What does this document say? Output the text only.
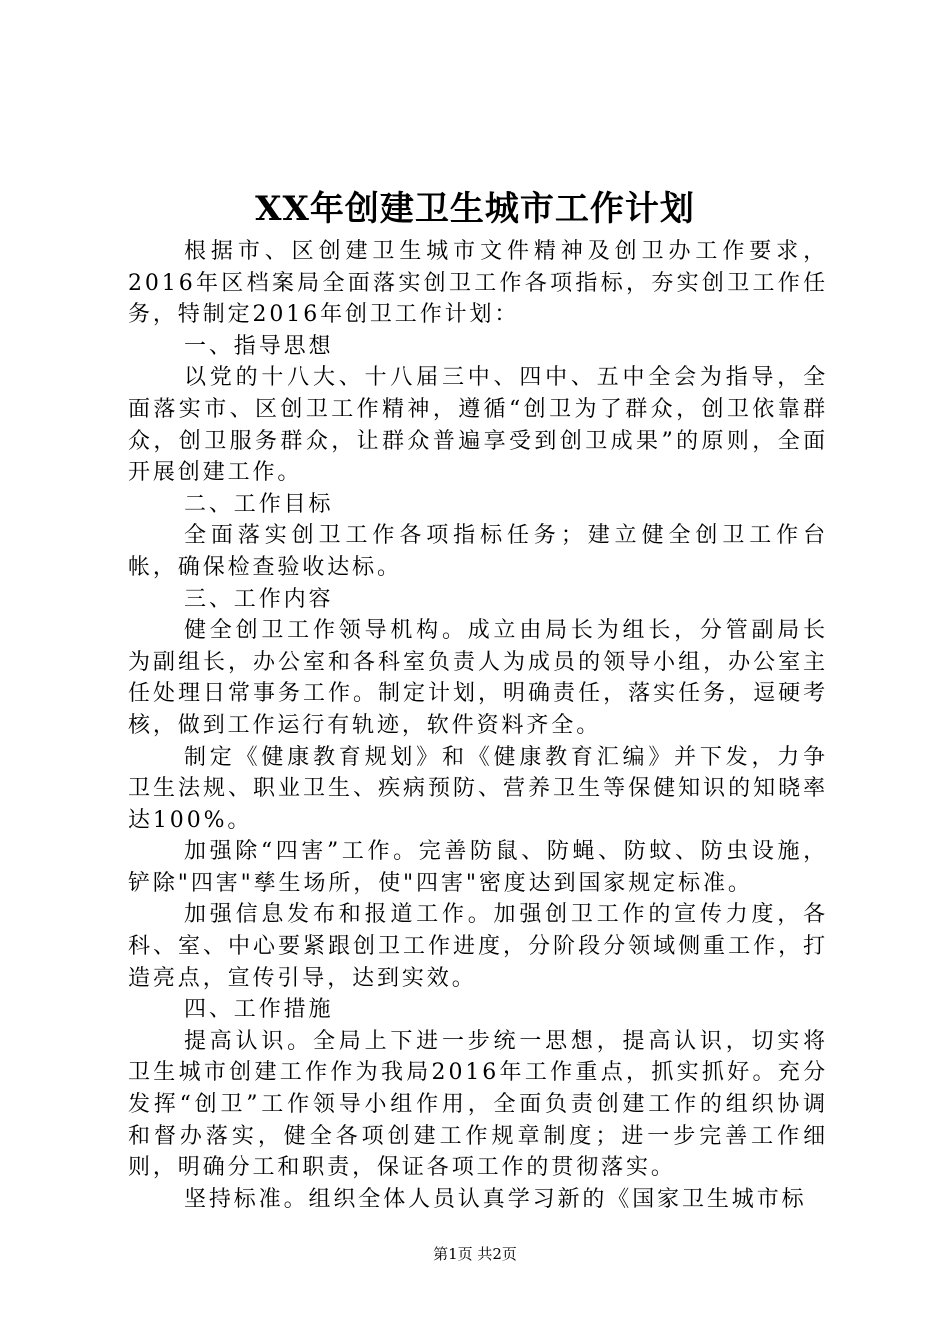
XX年创建卫生城市工作计划

根据市、区创建卫生城市文件精神及创卫办工作要求，2016年区档案局全面落实创卫工作各项指标，夯实创卫工作任务，特制定2016年创卫工作计划：

一、指导思想

以党的十八大、十八届三中、四中、五中全会为指导，全面落实市、区创卫工作精神，遵循“创卫为了群众，创卫依靠群众，创卫服务群众，让群众普遍享受到创卫成果”的原则，全面开展创建工作。

二、工作目标

全面落实创卫工作各项指标任务；建立健全创卫工作台帐，确保检查验收达标。

三、工作内容

健全创卫工作领导机构。成立由局长为组长，分管副局长为副组长，办公室和各科室负责人为成员的领导小组，办公室主任处理日常事务工作。制定计划，明确责任，落实任务，逗硬考核，做到工作运行有轨迹，软件资料齐全。

制定《健康教育规划》和《健康教育汇编》并下发，力争卫生法规、职业卫生、疾病预防、营养卫生等保健知识的知晓率达100%。

加强除“四害”工作。完善防鼠、防蝇、防蚊、防虫设施，铲除"四害"孳生场所，使"四害"密度达到国家规定标准。

加强信息发布和报道工作。加强创卫工作的宣传力度，各科、室、中心要紧跟创卫工作进度，分阶段分领域侧重工作，打造亮点，宣传引导，达到实效。

四、工作措施

提高认识。全局上下进一步统一思想，提高认识，切实将卫生城市创建工作作为我局2016年工作重点，抓实抓好。充分发挥“创卫”工作领导小组作用，全面负责创建工作的组织协调和督办落实，健全各项创建工作规章制度；进一步完善工作细则，明确分工和职责，保证各项工作的贯彻落实。

坚持标准。组织全体人员认真学习新的《国家卫生城市标

第1页 共2页
